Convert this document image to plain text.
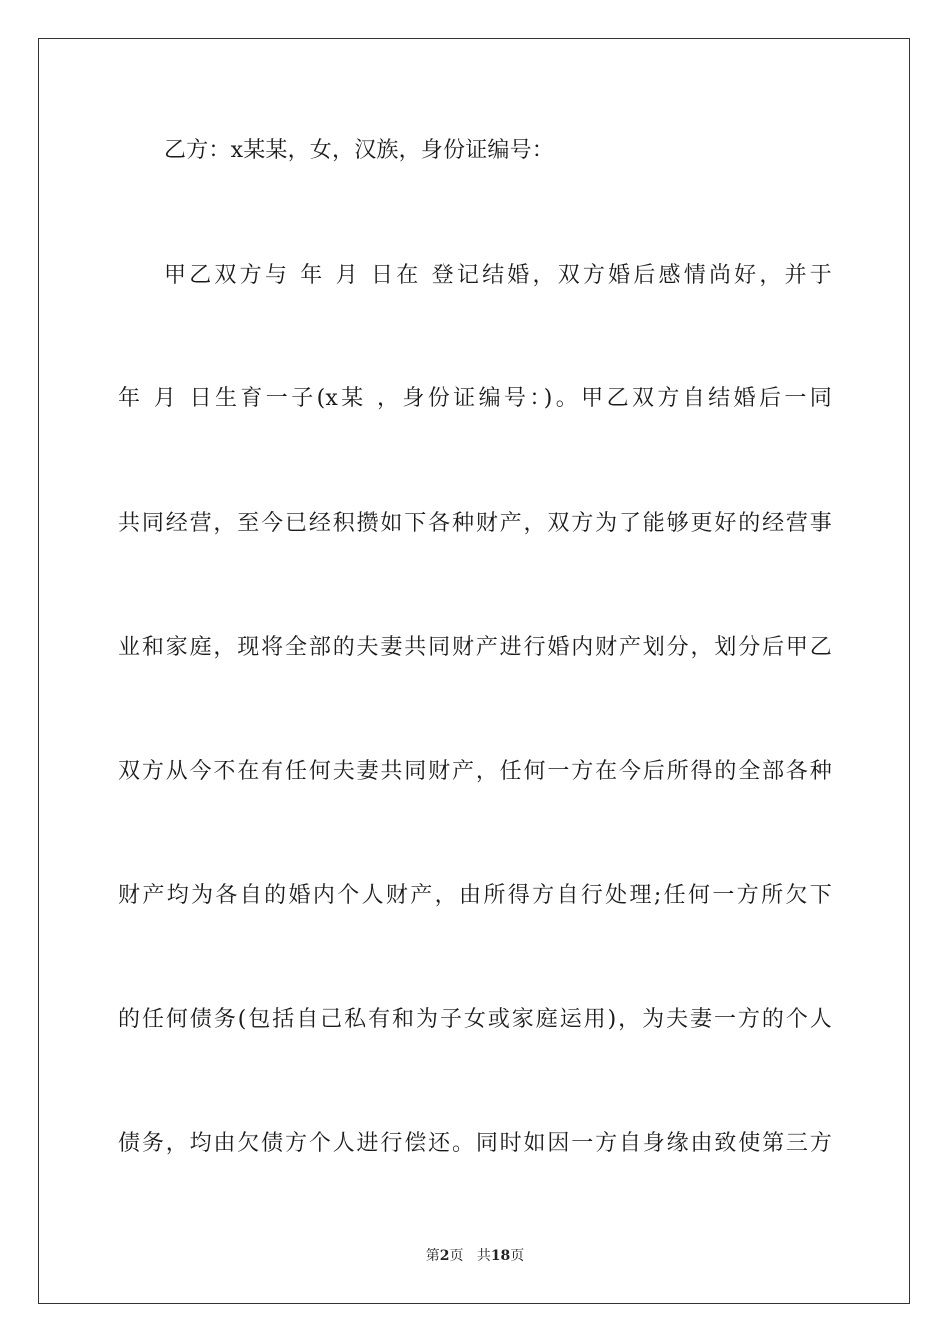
乙方：x某某，女，汉族，身份证编号：
甲乙双方与 年 月 日在 登记结婚，双方婚后感情尚好，并于
年 月 日生育一子(x某 ，身份证编号：)。甲乙双方自结婚后一同
共同经营，至今已经积攒如下各种财产，双方为了能够更好的经营事
业和家庭，现将全部的夫妻共同财产进行婚内财产划分，划分后甲乙
双方从今不在有任何夫妻共同财产，任何一方在今后所得的全部各种
财产均为各自的婚内个人财产，由所得方自行处理;任何一方所欠下
的任何债务(包括自己私有和为子女或家庭运用)，为夫妻一方的个人
债务，均由欠债方个人进行偿还。同时如因一方自身缘由致使第三方
第2页 共18页
